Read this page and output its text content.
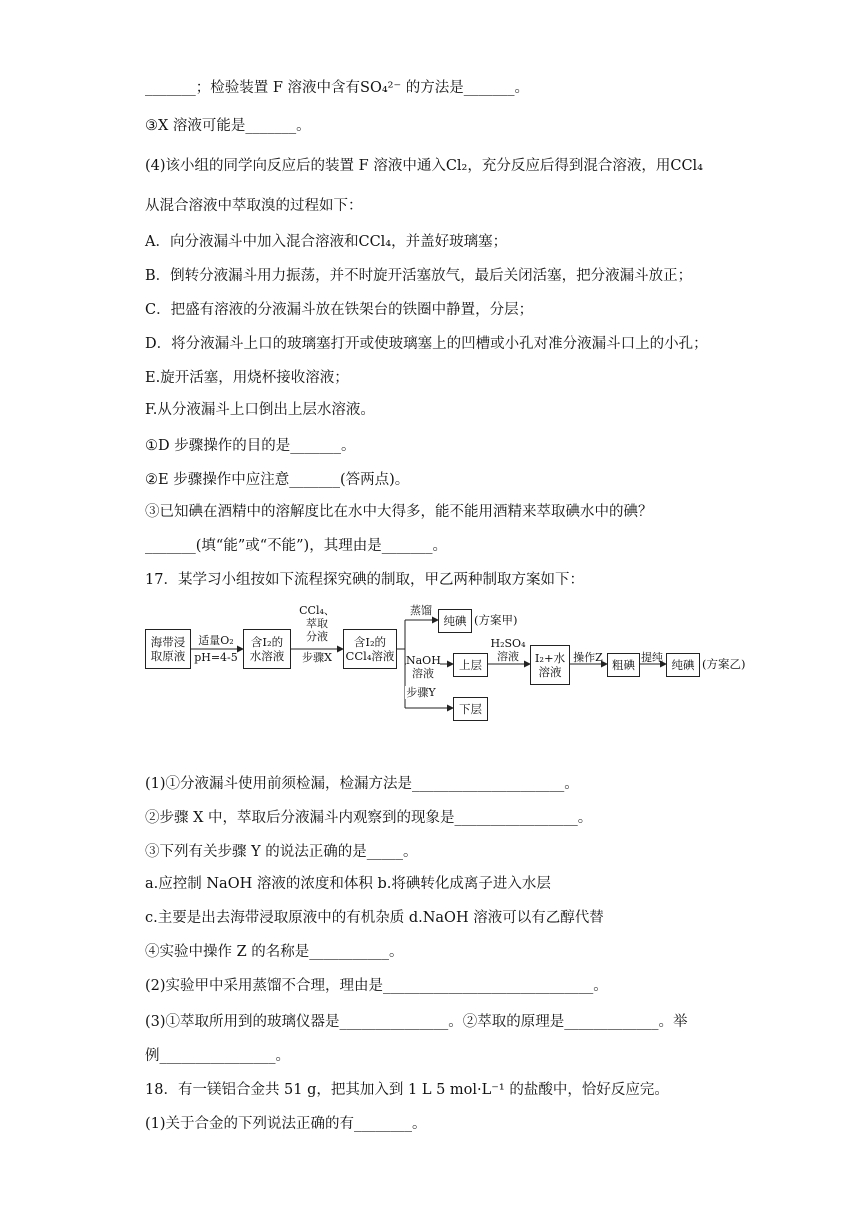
_______；检验装置 F 溶液中含有SO₄²⁻ 的方法是_______。
③X 溶液可能是_______。
(4)该小组的同学向反应后的装置 F 溶液中通入Cl₂，充分反应后得到混合溶液，用CCl₄
从混合溶液中萃取溴的过程如下：
A．向分液漏斗中加入混合溶液和CCl₄，并盖好玻璃塞；
B．倒转分液漏斗用力振荡，并不时旋开活塞放气，最后关闭活塞，把分液漏斗放正；
C．把盛有溶液的分液漏斗放在铁架台的铁圈中静置，分层；
D．将分液漏斗上口的玻璃塞打开或使玻璃塞上的凹槽或小孔对准分液漏斗口上的小孔；
E.旋开活塞，用烧杯接收溶液；
F.从分液漏斗上口倒出上层水溶液。
①D 步骤操作的目的是_______。
②E 步骤操作中应注意_______(答两点)。
③已知碘在酒精中的溶解度比在水中大得多，能不能用酒精来萃取碘水中的碘？
_______(填“能”或“不能”)，其理由是_______。
17．某学习小组按如下流程探究碘的制取，甲乙两种制取方案如下：
(1)①分液漏斗使用前须检漏，检漏方法是_____________________。
②步骤 X 中，萃取后分液漏斗内观察到的现象是_________________。
③下列有关步骤 Y 的说法正确的是_____。
a.应控制 NaOH 溶液的浓度和体积 b.将碘转化成离子进入水层
c.主要是出去海带浸取原液中的有机杂质 d.NaOH 溶液可以有乙醇代替
④实验中操作 Z 的名称是___________。
(2)实验甲中采用蒸馏不合理，理由是_____________________________。
(3)①萃取所用到的玻璃仪器是_______________。②萃取的原理是_____________。举
例________________。
18．有一镁铝合金共 51 g，把其加入到 1 L 5 mol·L⁻¹ 的盐酸中，恰好反应完。
(1)关于合金的下列说法正确的有________。
海带浸
取原液
含I₂的
水溶液
含I₂的
CCl₄溶液
纯碘
上层
下层
I₂+水
溶液	粗碘	纯碘
适量O₂
pH=4-5
CCl₄、
萃取
分液
步骤X
蒸馏
NaOH
溶液
步骤Y
H₂SO₄
溶液	操作Z	提纯
(方案甲)
(方案乙)
